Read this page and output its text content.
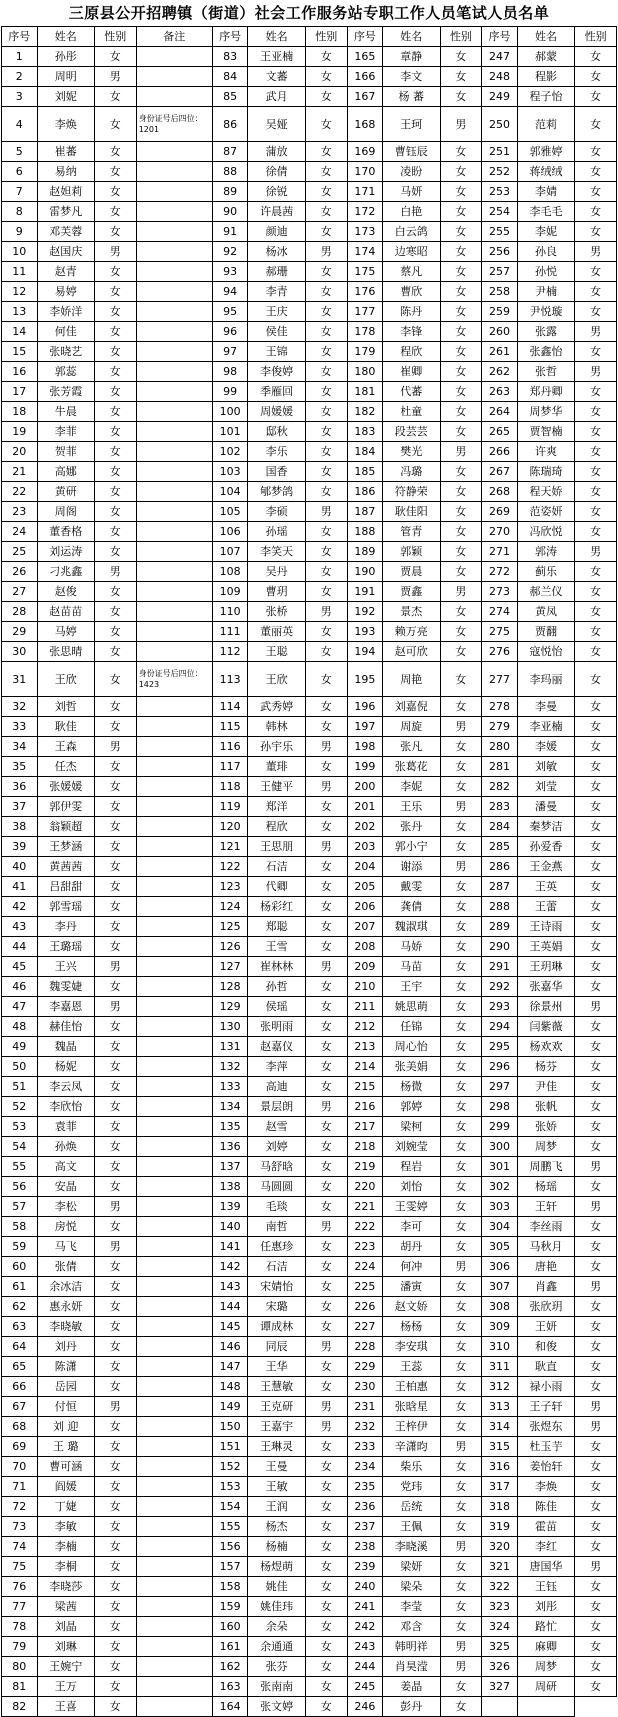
三原县公开招聘镇（街道）社会工作服务站专职工作人员笔试人员名单
序号	姓名	性别	备注	序号	姓名	性别	序号	姓名	性别	序号	姓名	性别
1	孙彤	女		83	王亚楠	女	165	章静	女	247	郝蒙	女
2	周明	男		84	文蕃	女	166	李文	女	248	程影	女
3	刘妮	女		85	武月	女	167	杨 蕃	女	249	程子怡	女
4	李焕	女	身份证号后四位：1201	86	吴娅	女	168	王珂	男	250	范莉	女
5	崔蕃	女		87	蒲放	女	169	曹钰辰	女	251	郭雅婷	女
6	易纳	女		88	徐倩	女	170	凌盼	女	252	蒋绒绒	女
7	赵妲莉	女		89	徐锐	女	171	马妍	女	253	李婧	女
8	雷梦凡	女		90	许晨茜	女	172	白艳	女	254	李毛毛	女
9	邓芙蓉	女		91	颜迪	女	173	白云鸽	女	255	李妮	女
10	赵国庆	男		92	杨冰	男	174	边寒昭	女	256	孙良	男
11	赵青	女		93	郝珊	女	175	蔡凡	女	257	孙悦	女
12	易婷	女		94	李青	女	176	曹欣	女	258	尹楠	女
13	李娇洋	女		95	王庆	女	177	陈丹	女	259	尹悦璇	女
14	何佳	女		96	侯佳	女	178	李锋	女	260	张露	男
15	张晓艺	女		97	王锦	女	179	程欣	女	261	张鑫怡	女
16	郭蕊	女		98	李俊婷	女	180	崔卿	女	262	张哲	男
17	张芳霞	女		99	季雁回	女	181	代蕃	女	263	郑丹卿	女
18	牛晨	女		100	周媛媛	女	182	杜童	女	264	周梦华	女
19	李菲	女		101	邸秋	女	183	段芸芸	女	265	贾智楠	女
20	贺菲	女		102	李乐	女	184	樊光	男	266	许爽	女
21	高娜	女		103	国香	女	185	冯璐	女	267	陈瑞琦	女
22	黄研	女		104	郇梦鸽	女	186	符静荣	女	268	程天娇	女
23	周阁	女		105	李硕	男	187	耿佳阳	女	269	范姿妍	女
24	董香格	女		106	孙瑶	女	188	管青	女	270	冯欣悦	女
25	刘运涛	女		107	李笑天	女	189	郭颖	女	271	郭涛	男
26	刁兆鑫	男		108	吴丹	女	190	贾晨	女	272	蓟乐	女
27	赵俊	女		109	曹玥	女	191	贾鑫	男	273	郝兰仪	女
28	赵苗苗	女		110	张桥	男	192	景杰	女	274	黄凤	女
29	马婷	女		111	董丽英	女	193	赖万亮	女	275	贾翻	女
30	张思晴	女		112	王聪	女	194	赵可欣	女	276	寇悦怡	女
31	王欣	女	身份证号后四位：1423	113	王欣	女	195	周艳	女	277	李玛丽	女
32	刘哲	女		114	武秀婷	女	196	刘嘉倪	女	278	李曼	女
33	耿佳	女		115	韩林	女	197	周旋	男	279	李亚楠	女
34	王森	男		116	孙宇乐	男	198	张凡	女	280	李媛	女
35	任杰	女		117	董琲	女	199	张葛花	女	281	刘敏	女
36	张媛媛	女		118	王健平	男	200	李妮	女	282	刘莹	女
37	郭伊雯	女		119	郑洋	女	201	王乐	男	283	潘曼	女
38	翁颖超	女		120	程欣	女	202	张丹	女	284	秦梦洁	女
39	王梦涵	女		121	王思朋	男	203	郭小宁	女	285	孙爱香	女
40	黄茜茜	女		122	石洁	女	204	谢添	男	286	王金燕	女
41	吕甜甜	女		123	代卿	女	205	戴雯	女	287	王英	女
42	郭雪瑶	女		124	杨彩红	女	206	龚倩	女	288	王蕾	女
43	李丹	女		125	郑聪	女	207	魏淑琪	女	289	王诗雨	女
44	王璐瑶	女		126	王雪	女	208	马娇	女	290	王英娟	女
45	王兴	男		127	崔林林	男	209	马苗	女	291	王玥琳	女
46	魏雯婕	女		128	孙哲	女	210	王宇	女	292	张嘉华	女
47	李嘉恩	男		129	侯瑶	女	211	姚思萌	女	293	徐景州	男
48	赫佳怡	女		130	张明雨	女	212	任锦	女	294	闫紫薇	女
49	魏晶	女		131	赵嘉仪	女	213	周心怡	女	295	杨欢欢	女
50	杨妮	女		132	李萍	女	214	张美娟	女	296	杨芬	女
51	李云凤	女		133	高迪	女	215	杨微	女	297	尹佳	女
52	李欣怡	女		134	景层朗	男	216	郭婷	女	298	张帆	女
53	袁菲	女		135	赵雪	女	217	梁柯	女	299	张娇	女
54	孙焕	女		136	刘婷	女	218	刘婉莹	女	300	周梦	女
55	高文	女		137	马舒晗	女	219	程岩	女	301	周鹏飞	男
56	安晶	女		138	马圆圆	女	220	刘怡	女	302	杨瑶	女
57	李松	男		139	毛琰	女	221	王雯婷	女	303	王轩	男
58	房悦	女		140	南哲	男	222	李可	女	304	李丝雨	女
59	马飞	男		141	任惠珍	女	223	胡丹	女	305	马秋月	女
60	张倩	女		142	石洁	女	224	何冲	男	306	唐艳	女
61	余冰洁	女		143	宋婧怡	女	225	潘寅	女	307	肖鑫	男
62	惠永妍	女		144	宋璐	女	226	赵文娇	女	308	张欣玥	女
63	李晓敏	女		145	谭成林	女	227	杨杨	女	309	王妍	女
64	刘丹	女		146	同辰	男	228	李安琪	女	310	和俊	女
65	陈潇	女		147	王华	女	229	王蕊	女	311	耿直	女
66	岳园	女		148	王慧敏	女	230	王柏惠	女	312	禄小雨	女
67	付恒	男		149	王克研	男	231	张晗星	女	313	王子轩	男
68	刘 迎	女		150	王嘉宇	男	232	王梓伊	女	314	张煜东	男
69	王 璐	女		151	王琳灵	女	233	辛潇昀	男	315	杜玉芋	女
70	曹可涵	女		152	王曼	女	234	柴乐	女	316	姜怡轩	女
71	阎媛	女		153	王敏	女	235	党玮	女	317	李焕	女
72	丁婕	女		154	王润	女	236	岳统	女	318	陈佳	女
73	李敏	女		155	杨杰	女	237	王佩	女	319	霍苗	女
74	李楠	女		156	杨楠	女	238	李晓溪	男	320	李红	女
75	李桐	女		157	杨煜萌	女	239	梁妍	女	321	唐国华	男
76	李晓莎	女		158	姚佳	女	240	梁朵	女	322	王钰	女
77	梁茜	女		159	姚佳玮	女	241	李莹	女	323	刘彤	女
78	刘晶	女		160	余朵	女	242	邓含	女	324	路忙	女
79	刘琳	女		161	余通通	女	243	韩明祥	男	325	麻卿	女
80	王婉宁	女		162	张芬	女	244	肖昊滢	男	326	周梦	女
81	王万	女		163	张南南	女	245	姜晶	女	327	周研	女
82	王喜	女		164	张文婷	女	246	彭丹	女			
